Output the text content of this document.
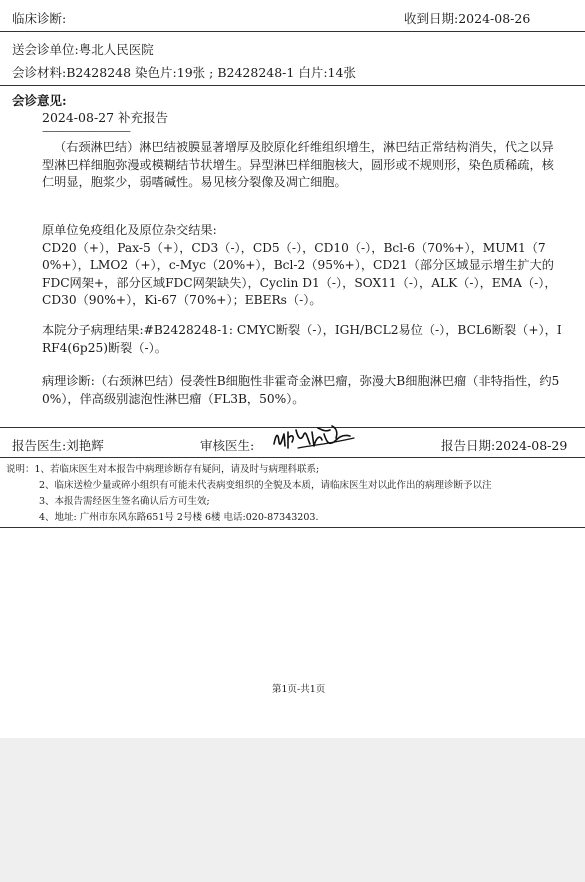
临床诊断:	收到日期:2024-08-26
送会诊单位:粤北人民医院
会诊材料:B2428248 染色片:19张 ; B2428248-1 白片:14张
会诊意见:
2024-08-27 补充报告
————————

（右颈淋巴结）淋巴结被膜显著增厚及胶原化纤维组织增生，淋巴结正常结构消失，代之以异型淋巴样细胞弥漫或模糊结节状增生。异型淋巴样细胞核大，圆形或不规则形，染色质稀疏，核仁明显，胞浆少，弱嗜碱性。易见核分裂像及凋亡细胞。

原单位免疫组化及原位杂交结果:

CD20（+），Pax-5（+），CD3（-），CD5（-），CD10（-），Bcl-6（70%+），MUM1（70%+），LMO2（+），c-Myc（20%+），Bcl-2（95%+），CD21（部分区域显示增生扩大的FDC网架+，部分区域FDC网架缺失），Cyclin D1（-），SOX11（-），ALK（-），EMA（-），CD30（90%+），Ki-67（70%+）；EBERs（-）。

本院分子病理结果:#B2428248-1: CMYC断裂（-），IGH/BCL2易位（-），BCL6断裂（+），IRF4(6p25)断裂（-）。

病理诊断:（右颈淋巴结）侵袭性B细胞性非霍奇金淋巴瘤，弥漫大B细胞淋巴瘤（非特指性，约50%），伴高级别滤泡性淋巴瘤（FL3B，50%）。

报告医生:刘艳辉	审核医生:	报告日期:2024-08-29
说明：1、若临床医生对本报告中病理诊断存有疑问，请及时与病理科联系;
2、临床送检少量或碎小组织有可能未代表病变组织的全貌及本质，请临床医生对以此作出的病理诊断予以注
3、本报告需经医生签名确认后方可生效;
4、地址: 广州市东风东路651号 2号楼 6楼 电话:020-87343203.
第1页-共1页
